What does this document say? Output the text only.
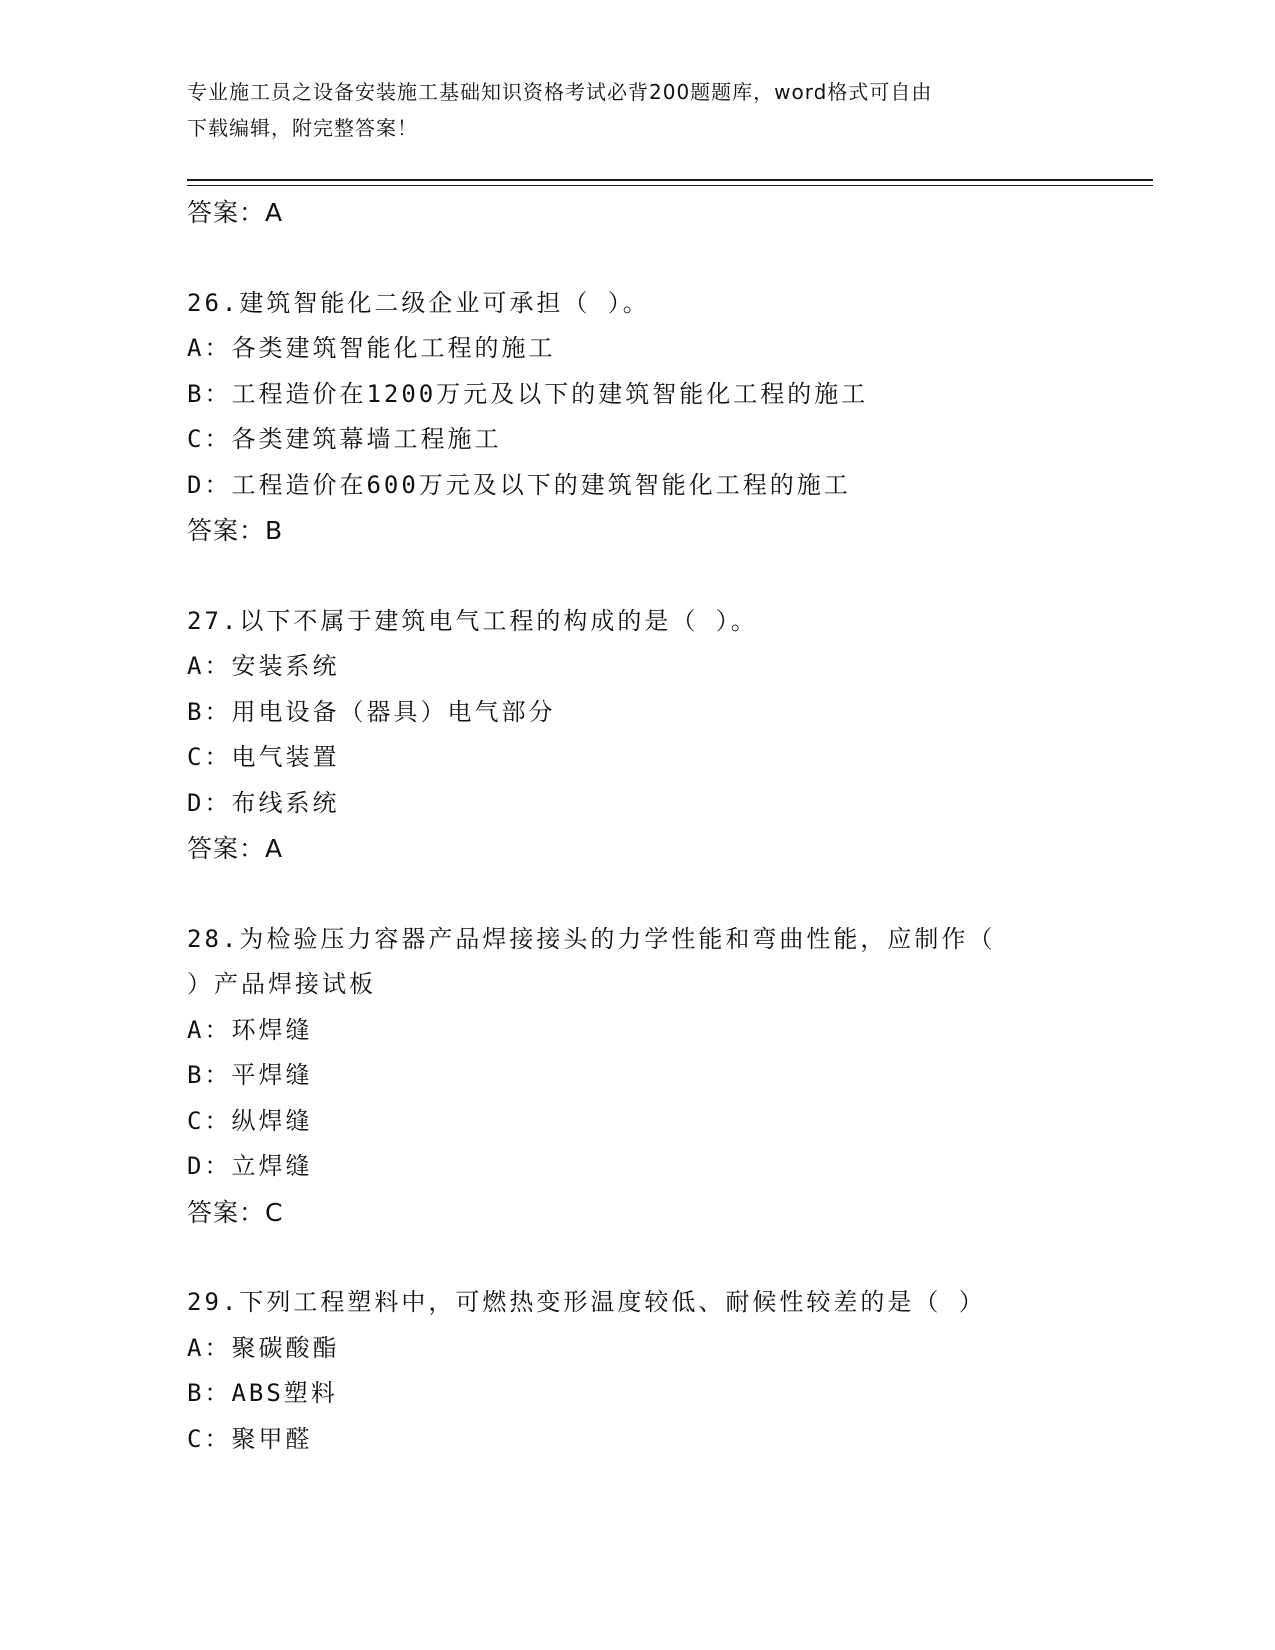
专业施工员之设备安装施工基础知识资格考试必背200题题库，word格式可自由
下载编辑，附完整答案！
答案：A
26.建筑智能化二级企业可承担（ ）。
A：各类建筑智能化工程的施工
B：工程造价在1200万元及以下的建筑智能化工程的施工
C：各类建筑幕墙工程施工
D：工程造价在600万元及以下的建筑智能化工程的施工
答案：B
27.以下不属于建筑电气工程的构成的是（ ）。
A：安装系统
B：用电设备（器具）电气部分
C：电气装置
D：布线系统
答案：A
28.为检验压力容器产品焊接接头的力学性能和弯曲性能，应制作（
）产品焊接试板
A：环焊缝
B：平焊缝
C：纵焊缝
D：立焊缝
答案：C
29.下列工程塑料中，可燃热变形温度较低、耐候性较差的是（ ）
A：聚碳酸酯
B：ABS塑料
C：聚甲醛
